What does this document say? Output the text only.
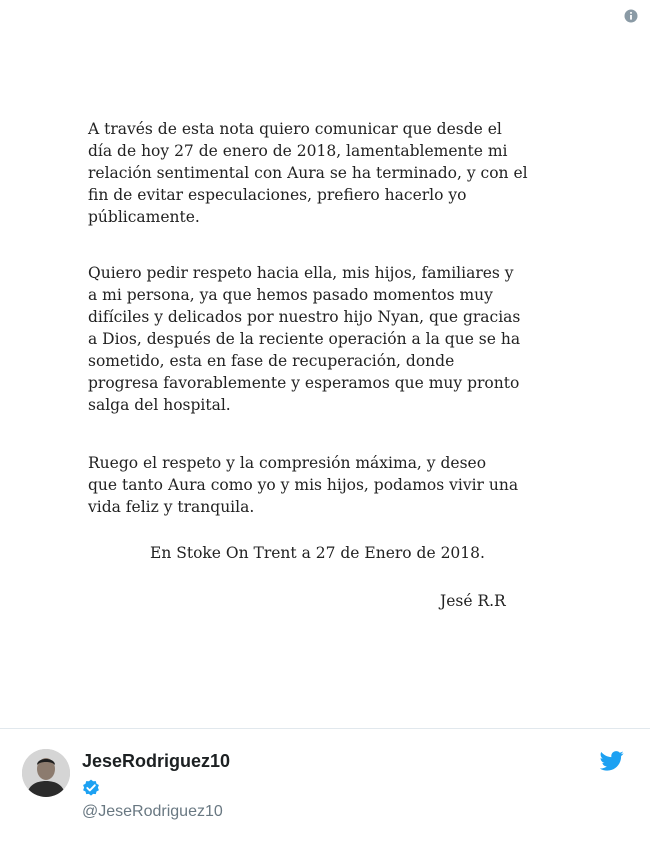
A través de esta nota quiero comunicar que desde el
día de hoy 27 de enero de 2018, lamentablemente mi
relación sentimental con Aura se ha terminado, y con el
fin de evitar especulaciones, prefiero hacerlo yo
públicamente.

Quiero pedir respeto hacia ella, mis hijos, familiares y
a mi persona, ya que hemos pasado momentos muy
difíciles y delicados por nuestro hijo Nyan, que gracias
a Dios, después de la reciente operación a la que se ha
sometido, esta en fase de recuperación, donde
progresa favorablemente y esperamos que muy pronto
salga del hospital.

Ruego el respeto y la compresión máxima, y deseo
que tanto Aura como yo y mis hijos, podamos vivir una
vida feliz y tranquila.

En Stoke On Trent a 27 de Enero de 2018.
Jesé R.R
JeseRodriguez10
@JeseRodriguez10
